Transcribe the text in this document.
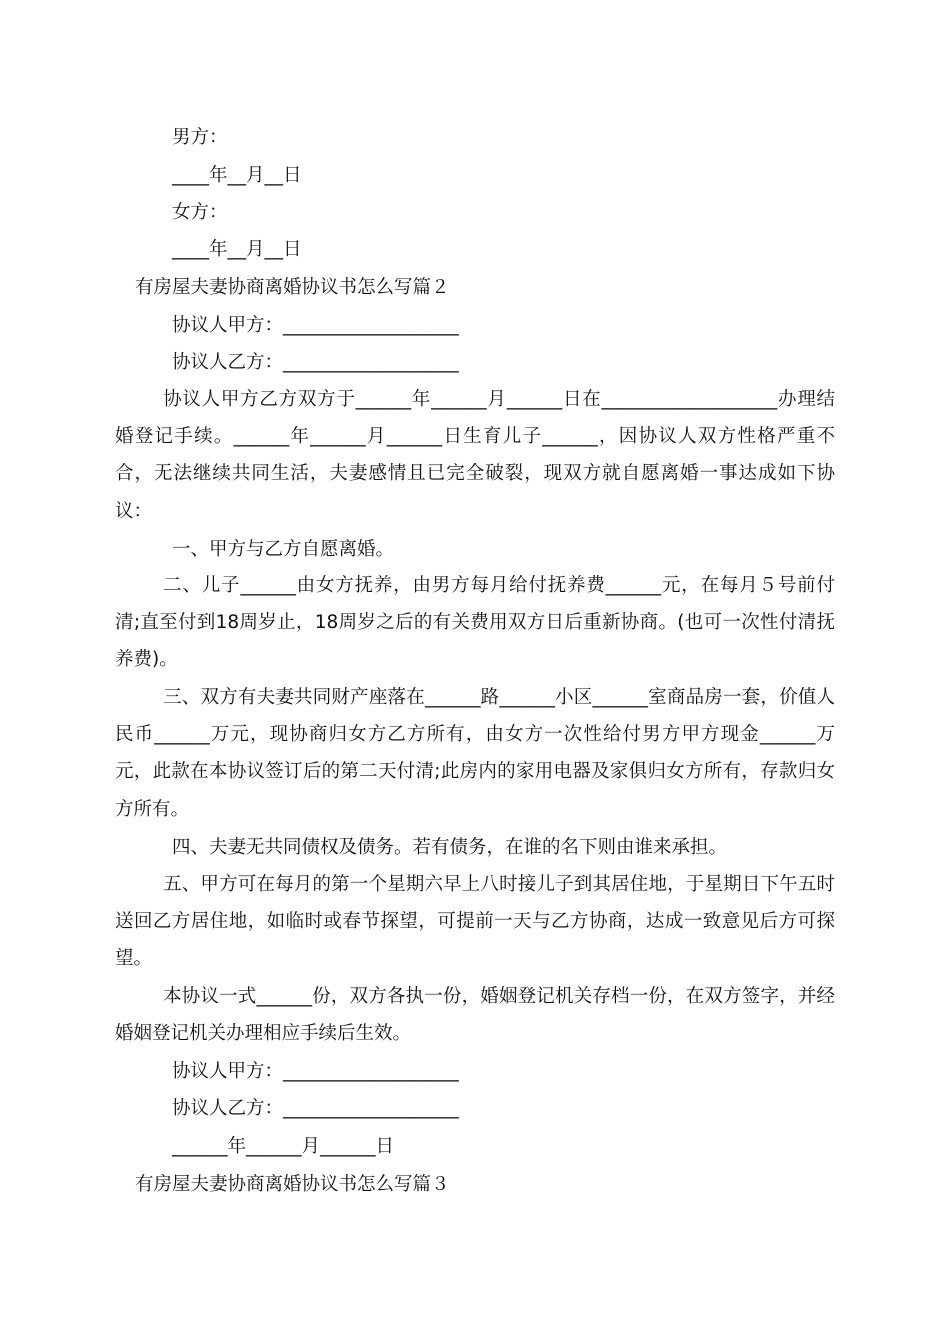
男方：
____年__月__日
女方：
____年__月__日
有房屋夫妻协商离婚协议书怎么写篇２
协议人甲方：___________________
协议人乙方：___________________
协议人甲方乙方双方于______年______月______日在___________________办理结婚登记手续。______年______月______日生育儿子______，因协议人双方性格严重不合，无法继续共同生活，夫妻感情且已完全破裂，现双方就自愿离婚一事达成如下协议：
一、甲方与乙方自愿离婚。
二、儿子______由女方抚养，由男方每月给付抚养费______元，在每月５号前付清;直至付到18周岁止，18周岁之后的有关费用双方日后重新协商。(也可一次性付清抚养费)。
三、双方有夫妻共同财产座落在______路______小区______室商品房一套，价值人民币______万元，现协商归女方乙方所有，由女方一次性给付男方甲方现金______万元，此款在本协议签订后的第二天付清;此房内的家用电器及家俱归女方所有，存款归女方所有。
四、夫妻无共同债权及债务。若有债务，在谁的名下则由谁来承担。
五、甲方可在每月的第一个星期六早上八时接儿子到其居住地，于星期日下午五时送回乙方居住地，如临时或春节探望，可提前一天与乙方协商，达成一致意见后方可探望。
本协议一式______份，双方各执一份，婚姻登记机关存档一份，在双方签字，并经婚姻登记机关办理相应手续后生效。
协议人甲方：___________________
协议人乙方：___________________
______年______月______日
有房屋夫妻协商离婚协议书怎么写篇３
